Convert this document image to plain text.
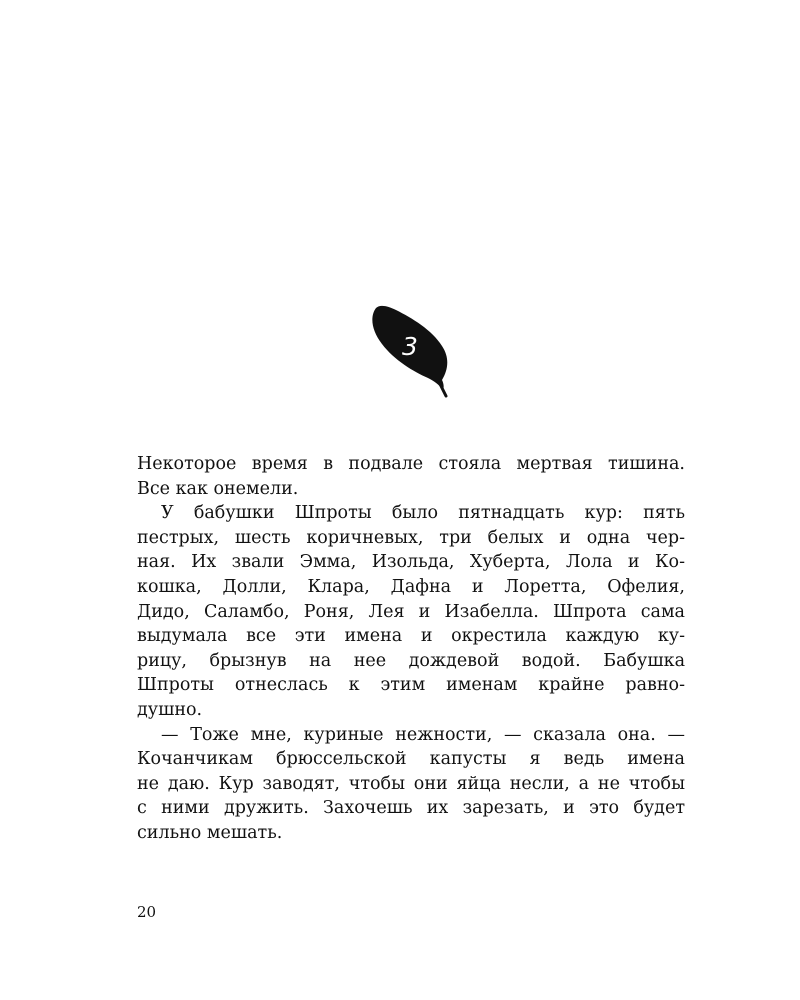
3
Некоторое время в подвале стояла мертвая тишина.
Все как онемели.
У бабушки Шпроты было пятнадцать кур: пять
пестрых, шесть коричневых, три белых и одна чер-
ная. Их звали Эмма, Изольда, Хуберта, Лола и Ко-
кошка, Долли, Клара, Дафна и Лоретта, Офелия,
Дидо, Саламбо, Роня, Лея и Изабелла. Шпрота сама
выдумала все эти имена и окрестила каждую ку-
рицу, брызнув на нее дождевой водой. Бабушка
Шпроты отнеслась к этим именам крайне равно-
душно.
— Тоже мне, куриные нежности, — сказала она. —
Кочанчикам брюссельской капусты я ведь имена
не даю. Кур заводят, чтобы они яйца несли, а не чтобы
с ними дружить. Захочешь их зарезать, и это будет
сильно мешать.
20
